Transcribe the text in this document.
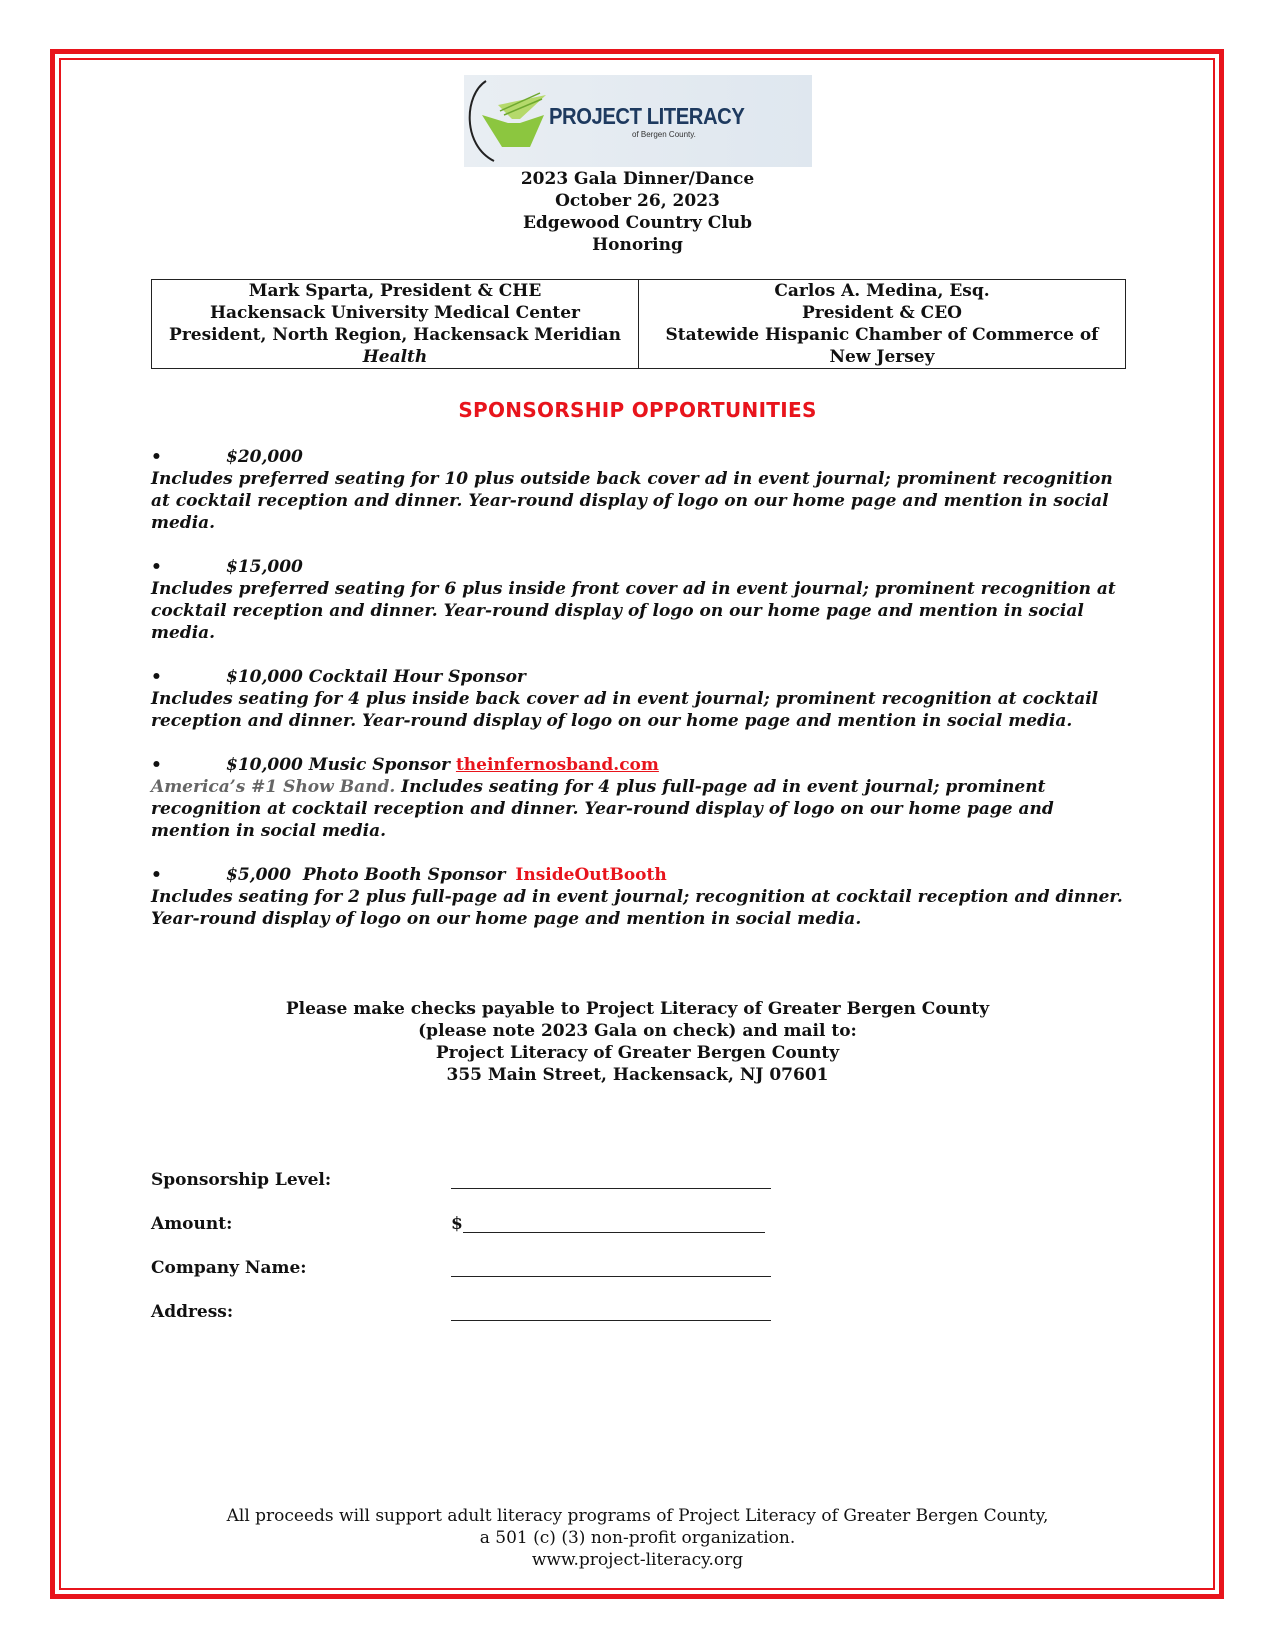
PROJECT LITERACY
of Bergen County.
2023 Gala Dinner/Dance
October 26, 2023
Edgewood Country Club
Honoring
Mark Sparta, President & CHE
Hackensack University Medical Center
President, North Region, Hackensack Meridian
Health

Carlos A. Medina, Esq.
President & CEO
Statewide Hispanic Chamber of Commerce of
New Jersey
SPONSORSHIP OPPORTUNITIES
•	$20,000
Includes preferred seating for 10 plus outside back cover ad in event journal; prominent recognition at cocktail reception and dinner. Year-round display of logo on our home page and mention in social media.
•	$15,000
Includes preferred seating for 6 plus inside front cover ad in event journal; prominent recognition at cocktail reception and dinner. Year-round display of logo on our home page and mention in social media.
•	$10,000 Cocktail Hour Sponsor
Includes seating for 4 plus inside back cover ad in event journal; prominent recognition at cocktail reception and dinner. Year-round display of logo on our home page and mention in social media.
•	$10,000 Music Sponsor theinfernosband.com
America’s #1 Show Band. Includes seating for 4 plus full-page ad in event journal; prominent recognition at cocktail reception and dinner. Year-round display of logo on our home page and mention in social media.
•	$5,000  Photo Booth Sponsor InsideOutBooth
Includes seating for 2 plus full-page ad in event journal; recognition at cocktail reception and dinner. Year-round display of logo on our home page and mention in social media.
Please make checks payable to Project Literacy of Greater Bergen County
(please note 2023 Gala on check) and mail to:
Project Literacy of Greater Bergen County
355 Main Street, Hackensack, NJ 07601
Sponsorship Level:
Amount:	$
Company Name:
Address:
All proceeds will support adult literacy programs of Project Literacy of Greater Bergen County,
a 501 (c) (3) non-profit organization.
www.project-literacy.org
